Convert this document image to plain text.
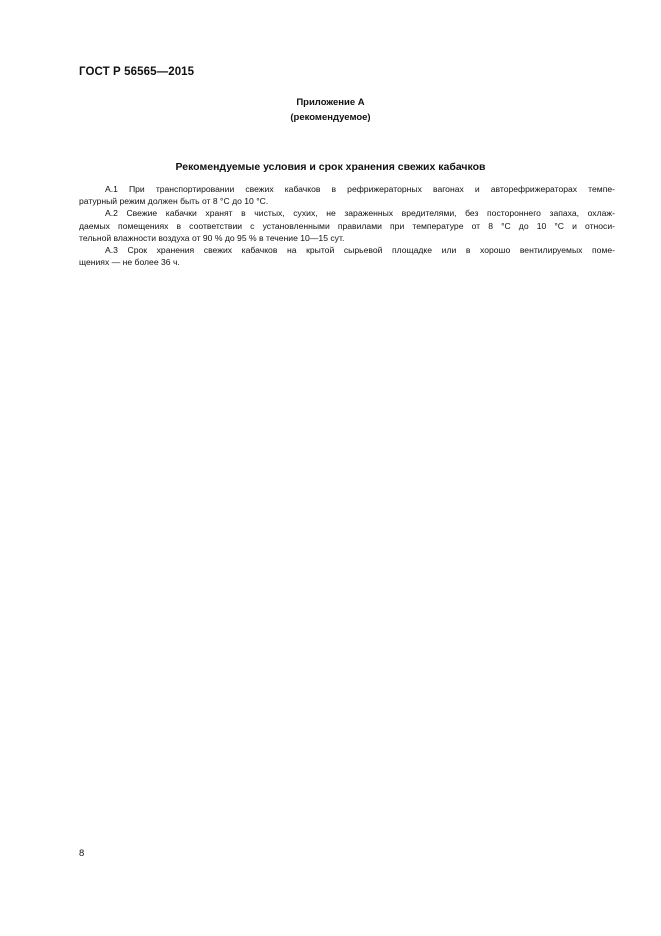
ГОСТ Р 56565—2015
Приложение А
(рекомендуемое)
Рекомендуемые условия и срок хранения свежих кабачков

А.1 При транспортировании свежих кабачков в рефрижераторных вагонах и авторефрижераторах темпе-
ратурный режим должен быть от 8 °С до 10 °С.

А.2 Свежие кабачки хранят в чистых, сухих, не зараженных вредителями, без постороннего запаха, охлаж-
даемых помещениях в соответствии с установленными правилами при температуре от 8 °С до 10 °С и относи-
тельной влажности воздуха от 90 % до 95 % в течение 10—15 сут.

А.3 Срок хранения свежих кабачков на крытой сырьевой площадке или в хорошо вентилируемых поме-
щениях — не более 36 ч.

8
